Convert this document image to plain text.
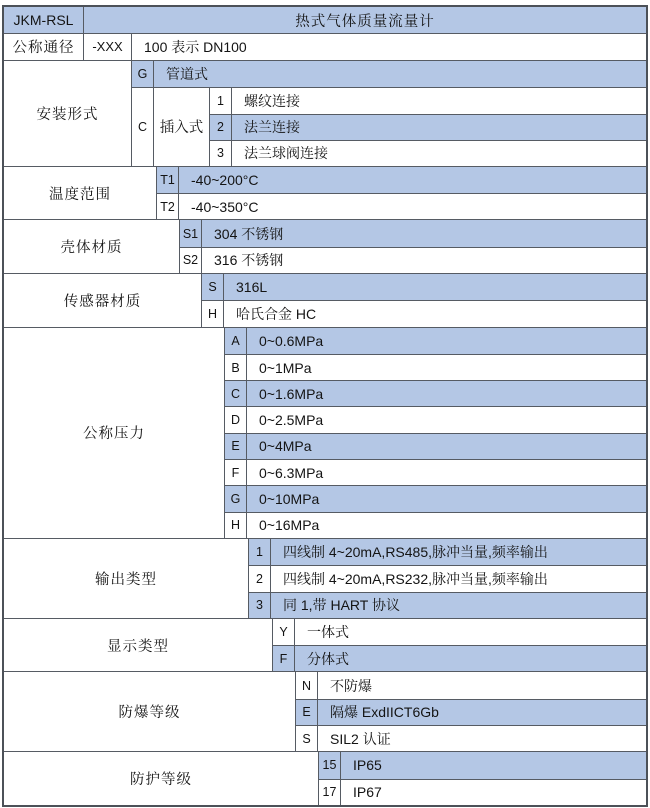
JKM-RSL	热式气体质量流量计
公称通径	-XXX	100 表示 DN100
安装形式
G	管道式
C 插入式
1	螺纹连接
2	法兰连接
3	法兰球阀连接
温度范围
T1	-40~200°C
T2	-40~350°C
壳体材质
S1	304 不锈钢
S2	316 不锈钢
传感器材质
S	316L
H	哈氏合金 HC
公称压力
A	0~0.6MPa
B	0~1MPa
C	0~1.6MPa
D	0~2.5MPa
E	0~4MPa
F	0~6.3MPa
G	0~10MPa
H	0~16MPa
输出类型
1	四线制 4~20mA,RS485,脉冲当量,频率输出
2	四线制 4~20mA,RS232,脉冲当量,频率输出
3	同 1,带 HART 协议
显示类型
Y	一体式
F	分体式
防爆等级
N	不防爆
E	隔爆 ExdIICT6Gb
S	SIL2 认证
防护等级
15	IP65
17	IP67
